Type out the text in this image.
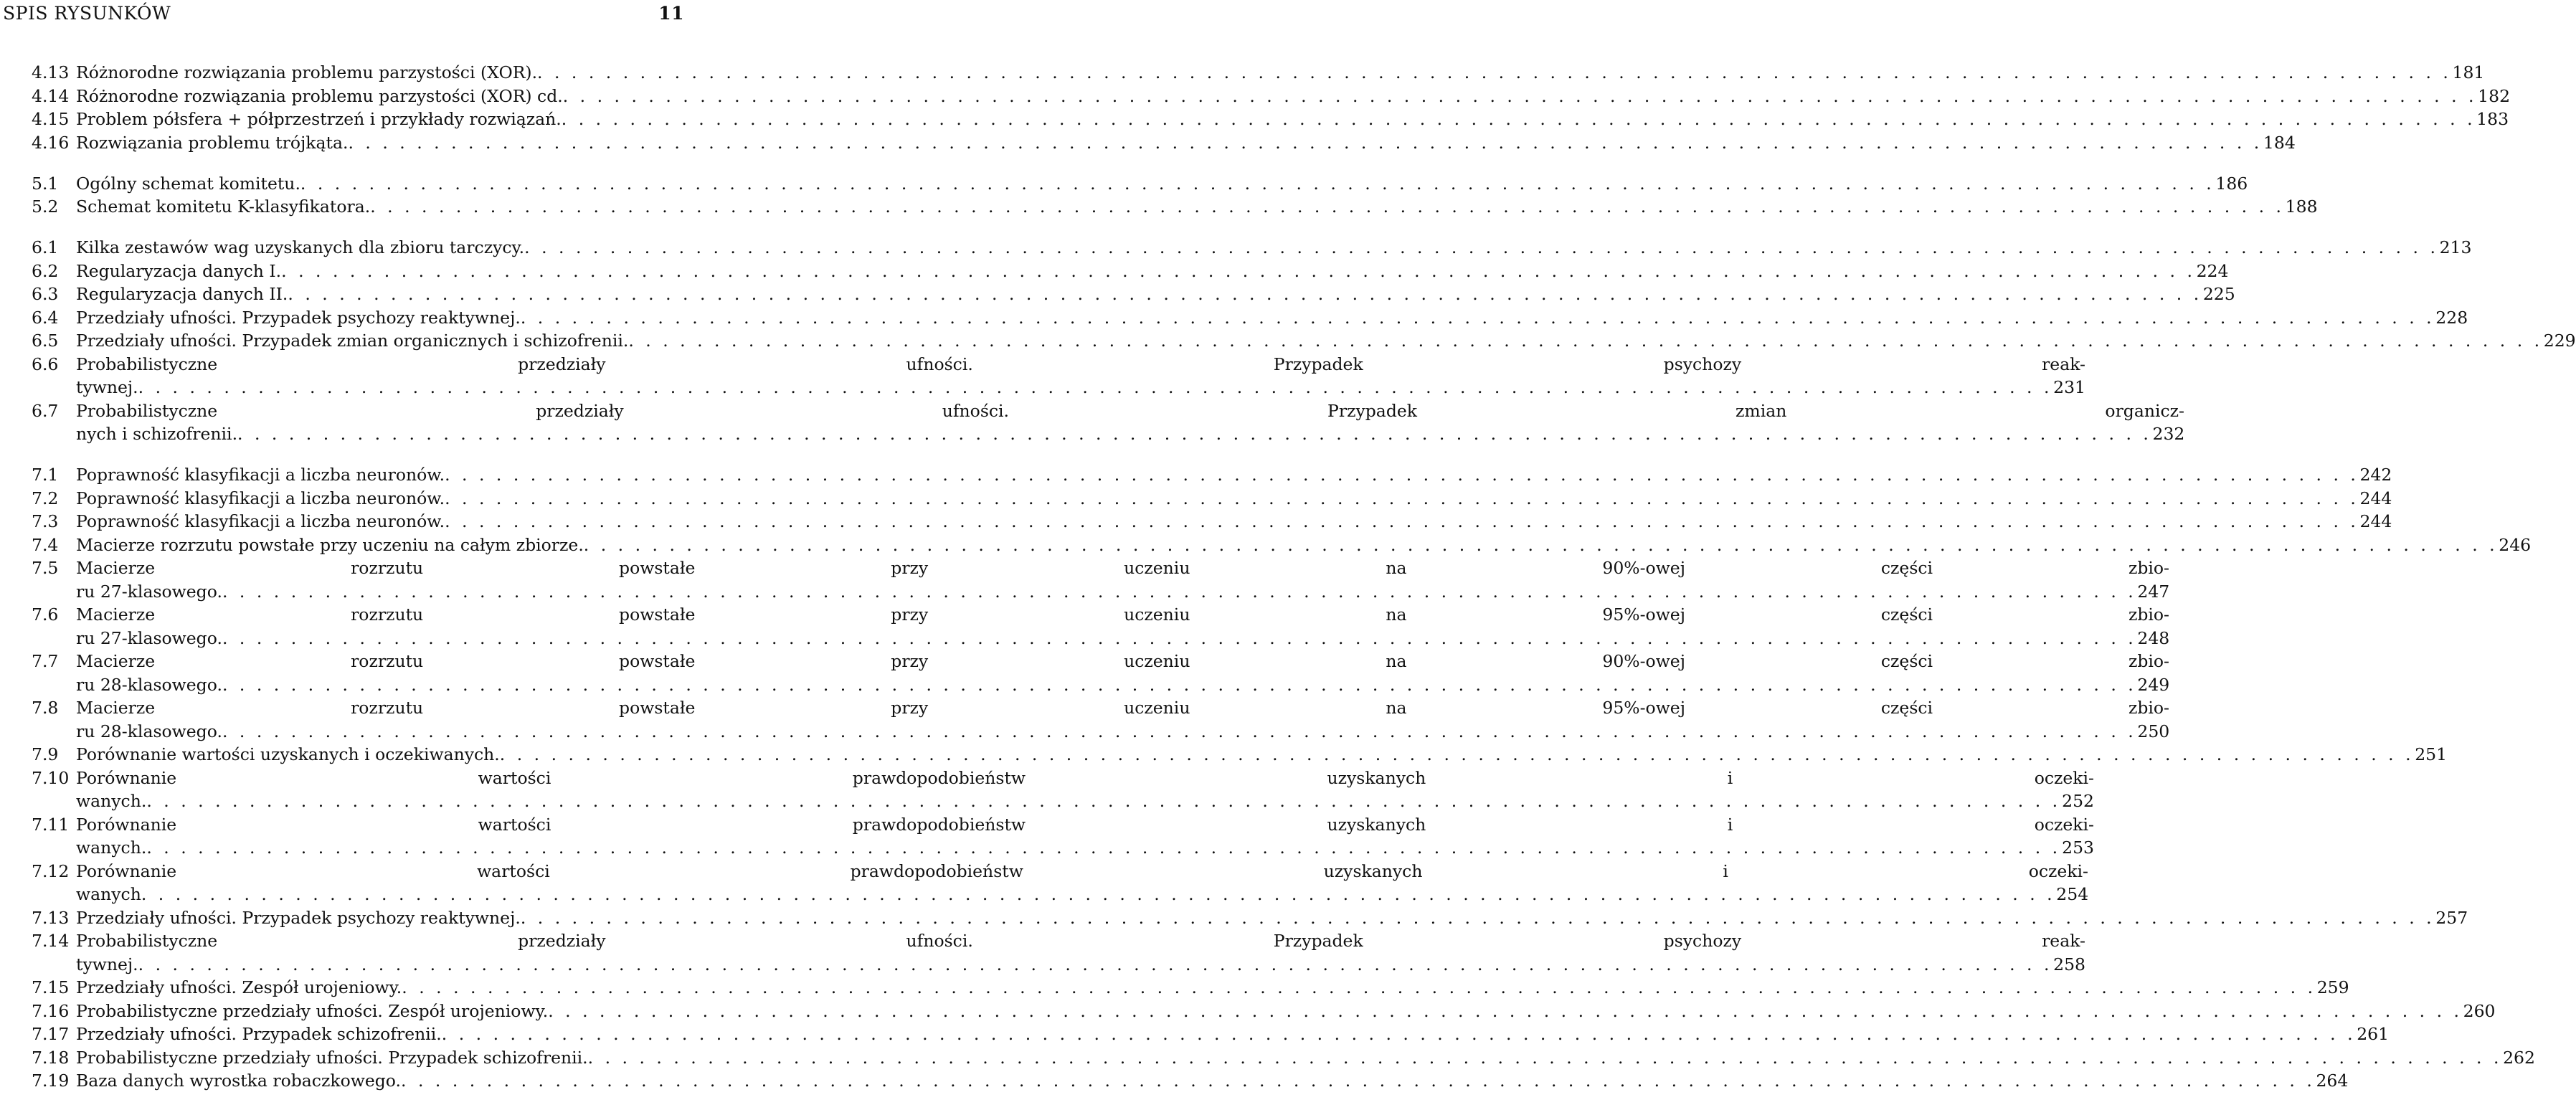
SPIS RYSUNKÓW	11
4.13 Różnorodne rozwiązania problemu parzystości (XOR). . . .	181
4.14 Różnorodne rozwiązania problemu parzystości (XOR) cd. . . .	182
4.15 Problem półsfera + półprzestrzeń i przykłady rozwiązań. . . .	183
4.16 Rozwiązania problemu trójkąta. . . .	184
5.1	Ogólny schemat komitetu. . . .	186
5.2	Schemat komitetu K-klasyfikatora. . . .	188
6.1	Kilka zestawów wag uzyskanych dla zbioru tarczycy. . . .	213
6.2	Regularyzacja danych I. . . .	224
6.3	Regularyzacja danych II. . . .	225
6.4	Przedziały ufności. Przypadek psychozy reaktywnej. . . .	228
6.5	Przedziały ufności. Przypadek zmian organicznych i schizofrenii. . . .	229
6.6	Probabilistyczne przedziały ufności. Przypadek psychozy reak-
tywnej. . . .	231
6.7	Probabilistyczne przedziały ufności. Przypadek zmian organicz-
nych i schizofrenii. . . .	232
7.1	Poprawność klasyfikacji a liczba neuronów. . . .	242
7.2	Poprawność klasyfikacji a liczba neuronów. . . .	244
7.3	Poprawność klasyfikacji a liczba neuronów. . . .	244
7.4	Macierze rozrzutu powstałe przy uczeniu na całym zbiorze. . . .	246
7.5	Macierze rozrzutu powstałe przy uczeniu na 90%-owej części zbio-
ru 27-klasowego. . . .	247
7.6	Macierze rozrzutu powstałe przy uczeniu na 95%-owej części zbio-
ru 27-klasowego. . . .	248
7.7	Macierze rozrzutu powstałe przy uczeniu na 90%-owej części zbio-
ru 28-klasowego. . . .	249
7.8	Macierze rozrzutu powstałe przy uczeniu na 95%-owej części zbio-
ru 28-klasowego. . . .	250
7.9	Porównanie wartości uzyskanych i oczekiwanych. . . .	251
7.10 Porównanie wartości prawdopodobieństw uzyskanych i oczeki-
wanych. . . .	252
7.11 Porównanie wartości prawdopodobieństw uzyskanych i oczeki-
wanych. . . .	253
7.12 Porównanie wartości prawdopodobieństw uzyskanych i oczeki-
wanych . . .	254
7.13 Przedziały ufności. Przypadek psychozy reaktywnej. . . .	257
7.14 Probabilistyczne przedziały ufności. Przypadek psychozy reak-
tywnej. . . .	258
7.15 Przedziały ufności. Zespół urojeniowy. . . .	259
7.16 Probabilistyczne przedziały ufności. Zespół urojeniowy. . . .	260
7.17 Przedziały ufności. Przypadek schizofrenii. . . .	261
7.18 Probabilistyczne przedziały ufności. Przypadek schizofrenii. . . .	262
7.19 Baza danych wyrostka robaczkowego. . . .	264
